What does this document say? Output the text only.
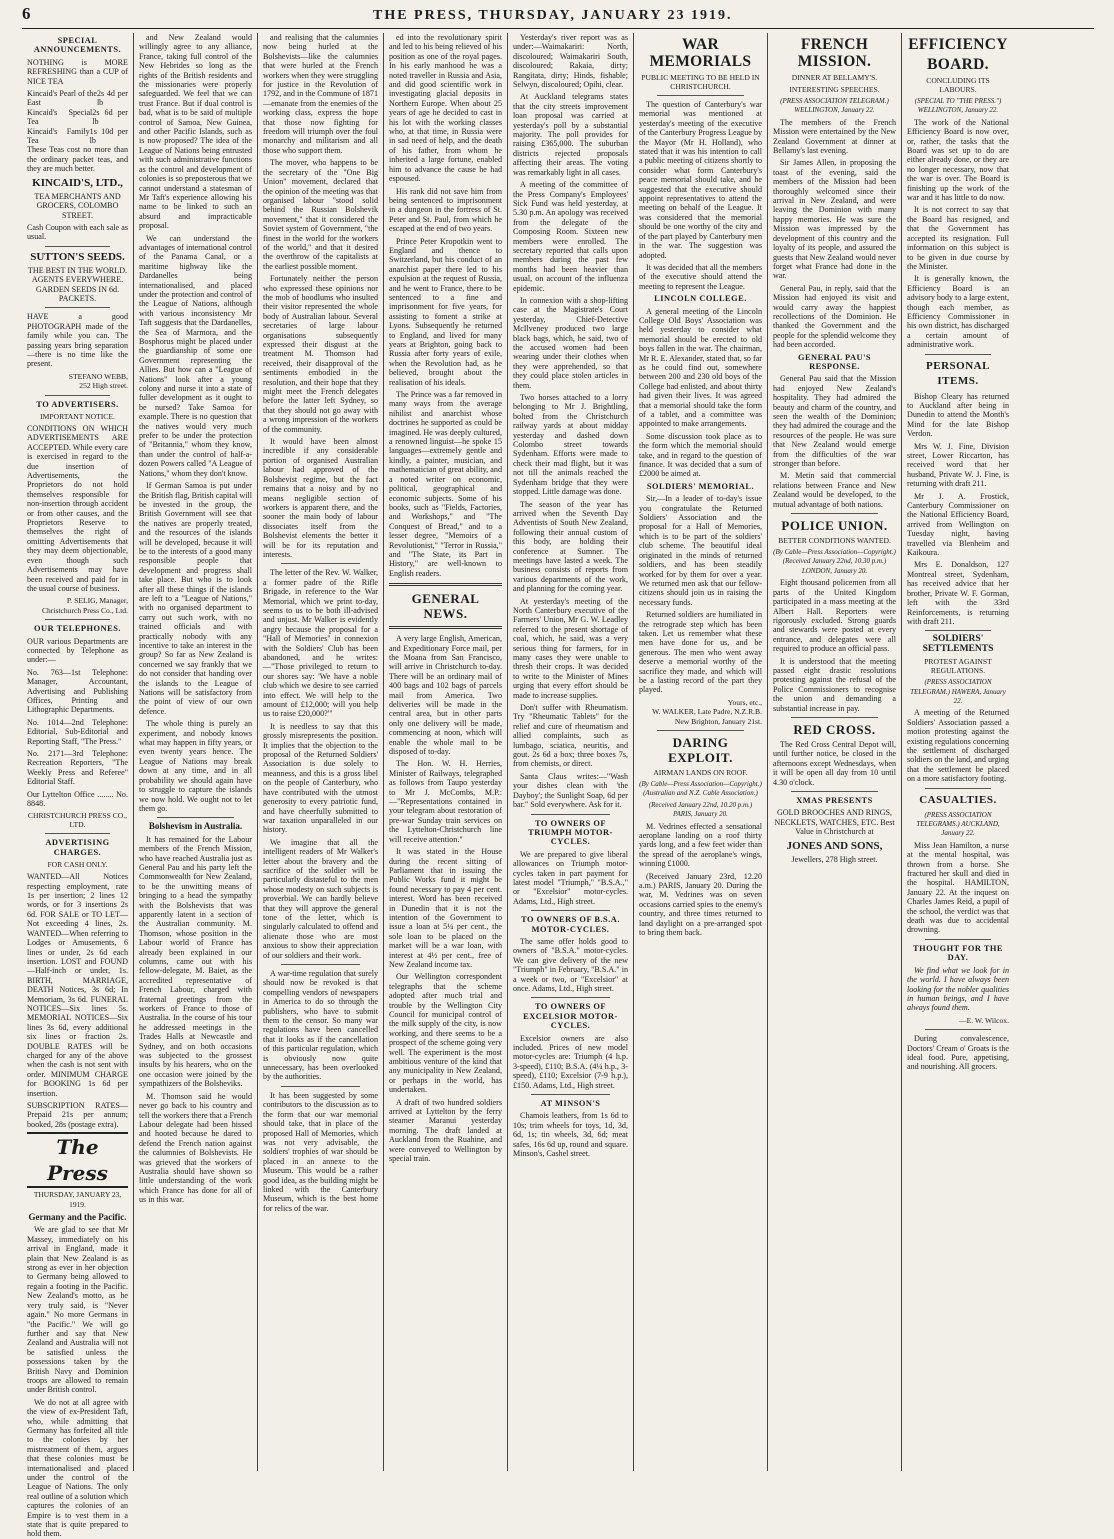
6	THE PRESS, THURSDAY, JANUARY 23 1919.
SPECIAL ANNOUNCEMENTS.

NOTHING is MORE REFRESHING than a CUP of NICE TEA

Kincaid's Pearl of the East
2s 4d per lb
Kincaid's Special Tea
2s 6d per lb
Kincaid's Family Tea
1s 10d per lb

These Teas cost no more than the ordinary packet teas, and they are much better.

KINCAID'S, LTD.,

TEA MERCHANTS AND GROCERS, COLOMBO STREET.

Cash Coupon with each sale as usual.

SUTTON'S SEEDS.

THE BEST IN THE WORLD. AGENTS EVERYWHERE. GARDEN SEEDS IN 6d. PACKETS.

HAVE a good PHOTOGRAPH made of the family while you can. The passing years bring separation—there is no time like the present.

STEFANO WEBB,
252 High street.
TO ADVERTISERS.
IMPORTANT NOTICE.

CONDITIONS ON WHICH ADVERTISEMENTS ARE ACCEPTED. While every care is exercised in regard to the due insertion of Advertisements, the Proprietors do not hold themselves responsible for non-insertion through accident or from other causes, and the Proprietors Reserve to themselves the right of omitting Advertisements that they may deem objectionable, even though such Advertisements may have been received and paid for in the usual course of business.

P. SELIG, Manager, Christchurch Press Co., Ltd.
OUR TELEPHONES.

OUR various Departments are connected by Telephone as under:—

No. 763—1st Telephone: Manager, Accountant, Advertising and Publishing Offices, Printing and Lithographic Departments.

No. 1014—2nd Telephone: Editorial, Sub-Editorial and Reporting Staff, "The Press."

No. 2171—3rd Telephone: Recreation Reporters, "The Weekly Press and Referee" Editorial Staff.

Our Lyttelton Office ........ No. 8848.

CHRISTCHURCH PRESS CO., LTD.
ADVERTISING CHARGES.
FOR CASH ONLY.

WANTED—All Notices respecting employment, rate 1s per insertion; 2 lines 12 words, or for 3 insertions 2s 6d. FOR SALE or TO LET—Not exceeding 4 lines, 2s. WANTED—When referring to Lodges or Amusements, 6 lines or under, 2s 6d each insertion. LOST and FOUND—Half-inch or under, 1s. BIRTH, MARRIAGE, DEATH Notices, 3s 6d; In Memoriam, 3s 6d. FUNERAL NOTICES—Six lines 5s. MEMORIAL NOTICES—Six lines 3s 6d, every additional six lines or fraction 2s. DOUBLE RATES will be charged for any of the above when the cash is not sent with order. MINIMUM CHARGE for BOOKING 1s 6d per insertion.

SUBSCRIPTION RATES—Prepaid 21s per annum; booked, 28s (postage extra).

The Press
THURSDAY, JANUARY 23, 1919.
Germany and the Pacific.

We are glad to see that Mr Massey, immediately on his arrival in England, made it plain that New Zealand is as strong as ever in her objection to Germany being allowed to regain a footing in the Pacific. New Zealand's motto, as he very truly said, is "Never again." No more Germans in "the Pacific." We will go further and say that New Zealand and Australia will not be satisfied unless the possessions taken by the British Navy and Dominion troops are allowed to remain under British control.

We do not at all agree with the view of ex-President Taft, who, while admitting that Germany has forfeited all title to the colonies by her mistreatment of them, argues that these colonies must be internationalised and placed under the control of the League of Nations. The only real outline of a solution which captures the colonies of an Empire is to vest them in a state that is quite prepared to hold them.

and New Zealand would willingly agree to any alliance, France, taking full control of the New Hebrides so long as the rights of the British residents and the missionaries were properly safeguarded. We feel that we can trust France. But if dual control is bad, what is to be said of multiple control of Samoa, New Guinea, and other Pacific Islands, such as is now proposed? The idea of the League of Nations being entrusted with such administrative functions as the control and development of colonies is so preposterous that we cannot understand a statesman of Mr Taft's experience allowing his name to be linked to such an absurd and impracticable proposal.

We can understand the advantages of international control of the Panama Canal, or a maritime highway like the Dardanelles being internationalised, and placed under the protection and control of the League of Nations, although with various inconsistency Mr Taft suggests that the Dardanelles, the Sea of Marmora, and the Bosphorus might be placed under the guardianship of some one Government representing the Allies. But how can a "League of Nations" look after a young colony and nurse it into a state of fuller development as it ought to be nursed? Take Samoa for example. There is no question that the natives would very much prefer to be under the protection of "Britannia," whom they know, than under the control of half-a-dozen Powers called "A League of Nations," whom they don't know.

If German Samoa is put under the British flag, British capital will be invested in the group, the British Government will see that the natives are properly treated, and the resources of the islands will be developed, because it will be to the interests of a good many responsible people that development and progress shall take place. But who is to look after all these things if the islands are left to a "League of Nations," with no organised department to carry out such work, with no trained officials and with practically nobody with any incentive to take an interest in the group? So far as New Zealand is concerned we say frankly that we do not consider that handing over the islands to the League of Nations will be satisfactory from the point of view of our own defence.

The whole thing is purely an experiment, and nobody knows what may happen in fifty years, or even twenty years hence. The League of Nations may break down at any time, and in all probability we should again have to struggle to capture the islands we now hold. We ought not to let them go.

Bolshevism in Australia.

It has remained for the Labour members of the French Mission, who have reached Australia just as General Pau and his party left the Commonwealth for New Zealand, to be the unwitting means of bringing to a head the sympathy with the Bolshevists that was apparently latent in a section of the Australian community. M. Thomson, whose position in the Labour world of France has already been explained in our columns, came out with his fellow-delegate, M. Baiet, as the accredited representative of French Labour, charged with fraternal greetings from the workers of France to those of Australia. In the course of his tour he addressed meetings in the Trades Halls at Newcastle and Sydney, and on both occasions was subjected to the grossest insults by his hearers, who on the one occasion were joined by the sympathizers of the Bolsheviks.

M. Thomson said he would never go back to his country and tell the workers there that a French Labour delegate had been hissed and hooted because he dared to defend the French nation against the calumnies of Bolshevists. He was grieved that the workers of Australia should have shown so little understanding of the work which France has done for all of us in this war.

and realising that the calumnies now being hurled at the Bolshevists—like the calumnies that were hurled at the French workers when they were struggling for justice in the Revolution of 1792, and in the Commune of 1871—emanate from the enemies of the working class, express the hope that those now fighting for freedom will triumph over the foul monarchy and militarism and all those who support them.

The mover, who happens to be the secretary of the "One Big Union" movement, declared that the opinion of the meeting was that organised labour "stood solid behind the Russian Bolshevik movement," that it considered the Soviet system of Government, "the finest in the world for the workers of the world," and that it desired the overthrow of the capitalists at the earliest possible moment.

Fortunately neither the person who expressed these opinions nor the mob of hoodlums who insulted their visitor represented the whole body of Australian labour. Several secretaries of large labour organisations subsequently expressed their disgust at the treatment M. Thomson had received, their disapproval of the sentiments embodied in the resolution, and their hope that they might meet the French delegates before the latter left Sydney, so that they should not go away with a wrong impression of the workers of the community.

It would have been almost incredible if any considerable portion of organised Australian labour had approved of the Bolshevist regime, but the fact remains that a noisy and by no means negligible section of workers is apparent there, and the sooner the main body of labour dissociates itself from the Bolshevist elements the better it will be for its reputation and interests.

The letter of the Rev. W. Walker, a former padre of the Rifle Brigade, in reference to the War Memorial, which we print to-day, seems to us to be both ill-advised and unjust. Mr Walker is evidently angry because the proposal for a "Hall of Memories" in connexion with the Soldiers' Club has been abandoned, and he writes:—"Those privileged to return to our shores say: 'We have a noble club which we desire to see carried into effect. We will help to the amount of £12,000; will you help us to raise £20,000?'"

It is needless to say that this grossly misrepresents the position. It implies that the objection to the proposal of the Returned Soldiers' Association is due solely to meanness, and this is a gross libel on the people of Canterbury, who have contributed with the utmost generosity to every patriotic fund, and have cheerfully submitted to war taxation unparalleled in our history.

We imagine that all the intelligent readers of Mr Walker's letter about the bravery and the sacrifice of the soldier will be particularly distasteful to the men whose modesty on such subjects is proverbial. We can hardly believe that they will approve the general tone of the letter, which is singularly calculated to offend and alienate those who are most anxious to show their appreciation of our soldiers and their work.

A war-time regulation that surely should now be revoked is that compelling vendors of newspapers in America to do so through the publishers, who have to submit them to the censor. So many war regulations have been cancelled that it looks as if the cancellation of this particular regulation, which is obviously now quite unnecessary, has been overlooked by the authorities.

It has been suggested by some contributors to the discussion as to the form that our war memorial should take, that in place of the proposed Hall of Memories, which was not very advisable, the soldiers' trophies of war should be placed in an annexe to the Museum. This would be a rather good idea, as the building might be linked with the Canterbury Museum, which is the best home for relics of the war.

ed into the revolutionary spirit and led to his being relieved of his position as one of the royal pages. In his early manhood he was a noted traveller in Russia and Asia, and did good scientific work in investigating glacial deposits in Northern Europe. When about 25 years of age he decided to cast in his lot with the working classes who, at that time, in Russia were in sad need of help, and the death of his father, from whom he inherited a large fortune, enabled him to advance the cause he had espoused.

His rank did not save him from being sentenced to imprisonment in a dungeon in the fortress of St. Peter and St. Paul, from which he escaped at the end of two years.

Prince Peter Kropotkin went to England and thence to Switzerland, but his conduct of an anarchist paper there led to his expulsion at the request of Russia, and he went to France, there to be sentenced to a fine and imprisonment for five years, for assisting to foment a strike at Lyons. Subsequently he returned to England, and lived for many years at Brighton, going back to Russia after forty years of exile, when the Revolution had, as he believed, brought about the realisation of his ideals.

The Prince was a far removed in many ways from the average nihilist and anarchist whose doctrines he supported as could be imagined. He was deeply cultured, a renowned linguist—he spoke 15 languages—extremely gentle and kindly, a painter, musician, and mathematician of great ability, and a noted writer on economic, political, geographical and economic subjects. Some of his books, such as "Fields, Factories, and Workshops," and "The Conquest of Bread," and to a lesser degree, "Memoirs of a Revolutionist," "Terror in Russia," and "The State, its Part in History," are well-known to English readers.

GENERAL NEWS.

A very large English, American, and Expeditionary Force mail, per the Moana from San Francisco, will arrive in Christchurch to-day. There will be an ordinary mail of 400 bags and 102 bags of parcels mail from America. Two deliveries will be made in the central area, but in other parts only one delivery will be made, commencing at noon, which will enable the whole mail to be disposed of to-day.

The Hon. W. H. Herries, Minister of Railways, telegraphed as follows from Taupo yesterday to Mr J. McCombs, M.P.:—"Representations contained in your telegram about restoration of pre-war Sunday train services on the Lyttelton-Christchurch line will receive attention."

It was stated in the House during the recent sitting of Parliament that in issuing the Public Works fund it might be found necessary to pay 4 per cent. interest. Word has been received in Dunedin that it is not the intention of the Government to issue a loan at 5¼ per cent., the sole loan to be placed on the market will be a war loan, with interest at 4½ per cent., free of New Zealand income tax.

Our Wellington correspondent telegraphs that the scheme adopted after much trial and trouble by the Wellington City Council for municipal control of the milk supply of the city, is now working, and there seems to be a prospect of the scheme going very well. The experiment is the most ambitious venture of the kind that any municipality in New Zealand, or perhaps in the world, has undertaken.

A draft of two hundred soldiers arrived at Lyttelton by the ferry steamer Maranui yesterday morning. The draft landed at Auckland from the Ruahine, and were conveyed to Wellington by special train.

Yesterday's river report was as under:—Waimakariri: North, discoloured; Waimakariri South, discoloured; Rakaia, dirty; Rangitata, dirty; Hinds, fishable; Selwyn, discoloured; Opihi, clear.

At Auckland telegrams states that the city streets improvement loan proposal was carried at yesterday's poll by a substantial majority. The poll provides for raising £365,000. The suburban districts rejected proposals affecting their areas. The voting was remarkably light in all cases.

A meeting of the committee of the Press Company's Employees' Sick Fund was held yesterday, at 5.30 p.m. An apology was received from the delegate of the Composing Room. Sixteen new members were enrolled. The secretary reported that calls upon members during the past few months had been heavier than usual, on account of the influenza epidemic.

In connexion with a shop-lifting case at the Magistrate's Court yesterday, Chief-Detective McIlveney produced two large black bags, which, he said, two of the accused women had been wearing under their clothes when they were apprehended, so that they could place stolen articles in them.

Two horses attached to a lorry belonging to Mr J. Brightling, bolted from the Christchurch railway yards at about midday yesterday and dashed down Colombo street towards Sydenham. Efforts were made to check their mad flight, but it was not till the animals reached the Sydenham bridge that they were stopped. Little damage was done.

The season of the year has arrived when the Seventh Day Adventists of South New Zealand, following their annual custom of this body, are holding their conference at Sumner. The meetings have lasted a week. The business consists of reports from various departments of the work, and planning for the coming year.

At yesterday's meeting of the North Canterbury executive of the Farmers' Union, Mr G. W. Leadley referred to the present shortage of coal, which, he said, was a very serious thing for farmers, for in many cases they were unable to thresh their crops. It was decided to write to the Minister of Mines urging that every effort should be made to increase supplies.

Don't suffer with Rheumatism. Try "Rheumatic Tablets" for the relief and cure of rheumatism and allied complaints, such as lumbago, sciatica, neuritis, and gout. 2s 6d a box; three boxes 7s, from chemists, or direct.

Santa Claus writes:—"Wash your dishes clean with 'the Dayboy'; the Sunlight Soap, 6d per bar." Sold everywhere. Ask for it.

TO OWNERS OF TRIUMPH MOTOR-CYCLES.

We are prepared to give liberal allowances on Triumph motor-cycles taken in part payment for latest model "Triumph," "B.S.A.," or "Excelsior" motor-cycles. Adams, Ltd., High street.

TO OWNERS OF B.S.A. MOTOR-CYCLES.

The same offer holds good to owners of "B.S.A." motor-cycles. We can give delivery of the new "Triumph" in February, "B.S.A." in a week or two, or "Excelsior" at once. Adams, Ltd., High street.

TO OWNERS OF EXCELSIOR MOTOR-CYCLES.

Excelsior owners are also included. Prices of new model motor-cycles are: Triumph (4 h.p. 3-speed), £110; B.S.A. (4¼ h.p., 3-speed), £110; Excelsior (7-9 h.p.), £150. Adams, Ltd., High street.

AT MINSON'S

Chamois leathers, from 1s 6d to 10s; trim wheels for toys, 1d, 3d, 6d, 1s; tin wheels, 3d, 6d; meat safes, 16s 6d up, round and square. Minson's, Cashel street.

WAR MEMORIALS
PUBLIC MEETING TO BE HELD IN CHRISTCHURCH.

The question of Canterbury's war memorial was mentioned at yesterday's meeting of the executive of the Canterbury Progress League by the Mayor (Mr H. Holland), who stated that it was his intention to call a public meeting of citizens shortly to consider what form Canterbury's peace memorial should take, and he suggested that the executive should appoint representatives to attend the meeting on behalf of the League. It was considered that the memorial should be one worthy of the city and of the part played by Canterbury men in the war. The suggestion was adopted.

It was decided that all the members of the executive should attend the meeting to represent the League.

LINCOLN COLLEGE.

A general meeting of the Lincoln College Old Boys' Association was held yesterday to consider what memorial should be erected to old boys fallen in the war. The chairman, Mr R. E. Alexander, stated that, so far as he could find out, somewhere between 200 and 230 old boys of the College had enlisted, and about thirty had given their lives. It was agreed that a memorial should take the form of a tablet, and a committee was appointed to make arrangements.

Some discussion took place as to the form which the memorial should take, and in regard to the question of finance. It was decided that a sum of £2000 be aimed at.

SOLDIERS' MEMORIAL.

Sir,—In a leader of to-day's issue you congratulate the Returned Soldiers' Association and the proposal for a Hall of Memories, which is to be part of the soldiers' club scheme. The beautiful ideal originated in the minds of returned soldiers, and has been steadily worked for by them for over a year. We returned men ask that our fellow-citizens should join us in raising the necessary funds.

Returned soldiers are humiliated in the retrograde step which has been taken. Let us remember what these men have done for us, and be generous. The men who went away deserve a memorial worthy of the sacrifice they made, and which will be a lasting record of the part they played.

Yours, etc.,
W. WALKER, Late Padre, N.Z.R.B. New Brighton, January 21st.
DARING EXPLOIT.
AIRMAN LANDS ON ROOF.
(By Cable—Press Association—Copyright.) (Australian and N.Z. Cable Association.)
(Received January 22nd, 10.20 p.m.) PARIS, January 20.

M. Vedrines effected a sensational aeroplane landing on a roof thirty yards long, and a few feet wider than the spread of the aeroplane's wings, winning £1000.

(Received January 23rd, 12.20 a.m.) PARIS, January 20. During the war, M. Vedrines was on seven occasions carried spies to the enemy's country, and three times returned to land daylight on a pre-arranged spot to bring them back.

FRENCH MISSION.
DINNER AT BELLAMY'S.
INTERESTING SPEECHES.
(PRESS ASSOCIATION TELEGRAM.) WELLINGTON, January 22.

The members of the French Mission were entertained by the New Zealand Government at dinner at Bellamy's last evening.

Sir James Allen, in proposing the toast of the evening, said the members of the Mission had been thoroughly welcomed since their arrival in New Zealand, and were leaving the Dominion with many happy memories. He was sure the Mission was impressed by the development of this country and the loyalty of its people, and assured the guests that New Zealand would never forget what France had done in the war.

General Pau, in reply, said that the Mission had enjoyed its visit and would carry away the happiest recollections of the Dominion. He thanked the Government and the people for the splendid welcome they had been accorded.

GENERAL PAU'S RESPONSE.

General Pau said that the Mission had enjoyed New Zealand's hospitality. They had admired the beauty and charm of the country, and seen the wealth of the Dominion; they had admired the courage and the resources of the people. He was sure that New Zealand would emerge from the difficulties of the war stronger than before.

M. Metin said that commercial relations between France and New Zealand would be developed, to the mutual advantage of both nations.

POLICE UNION.
BETTER CONDITIONS WANTED.
(By Cable—Press Association—Copyright.) (Received January 22nd, 10.30 p.m.) LONDON, January 20.

Eight thousand policemen from all parts of the United Kingdom participated in a mass meeting at the Albert Hall. Reporters were rigorously excluded. Strong guards and stewards were posted at every entrance, and delegates were all required to produce an official pass.

It is understood that the meeting passed eight drastic resolutions protesting against the refusal of the Police Commissioners to recognise the union and demanding a substantial increase in pay.

RED CROSS.

The Red Cross Central Depot will, until further notice, be closed in the afternoons except Wednesdays, when it will be open all day from 10 until 4.30 o'clock.

XMAS PRESENTS

GOLD BROOCHES AND RINGS, NECKLETS, WATCHES, ETC. Best Value in Christchurch at

JONES AND SONS,

Jewellers, 278 High street.

EFFICIENCY
BOARD.
CONCLUDING ITS LABOURS.
(SPECIAL TO "THE PRESS.") WELLINGTON, January 22.

The work of the National Efficiency Board is now over, or, rather, the tasks that the Board was set up to do are either already done, or they are no longer necessary, now that the war is over. The Board is finishing up the work of the war and it has little to do now.

It is not correct to say that the Board has resigned, and that the Government has accepted its resignation. Full information on this subject is to be given in due course by the Minister.

It is generally known, the Efficiency Board is an advisory body to a large extent, though each member, as Efficiency Commissioner in his own district, has discharged a certain amount of administrative work.

PERSONAL ITEMS.

Bishop Cleary has returned to Auckland after being in Dunedin to attend the Month's Mind for the late Bishop Verdon.

Mrs W. J. Fine, Division street, Lower Riccarton, has received word that her husband, Private W. J. Fine, is returning with draft 211.

Mr J. A. Frostick, Canterbury Commissioner on the National Efficiency Board, arrived from Wellington on Tuesday night, having travelled via Blenheim and Kaikoura.

Mrs E. Donaldson, 127 Montreal street, Sydenham, has received advice that her brother, Private W. F. Gorman, left with the 33rd Reinforcements, is returning with draft 211.

SOLDIERS' SETTLEMENTS
PROTEST AGAINST REGULATIONS.
(PRESS ASSOCIATION TELEGRAM.) HAWERA, January 22.

A meeting of the Returned Soldiers' Association passed a motion protesting against the existing regulations concerning the settlement of discharged soldiers on the land, and urging that the settlement be placed on a more satisfactory footing.

CASUALTIES.
(PRESS ASSOCIATION TELEGRAMS.) AUCKLAND, January 22.

Miss Jean Hamilton, a nurse at the mental hospital, was thrown from a horse. She fractured her skull and died in the hospital. HAMILTON, January 22. At the inquest on Charles James Reid, a pupil of the school, the verdict was that death was due to accidental drowning.

THOUGHT FOR THE DAY.

We find what we look for in the world. I have always been looking for the nobler qualities in human beings, and I have always found them.

—E. W. Wilcox.

During convalescence, Doctors' Cream o' Groats is the ideal food. Pure, appetising, and nourishing. All grocers.
